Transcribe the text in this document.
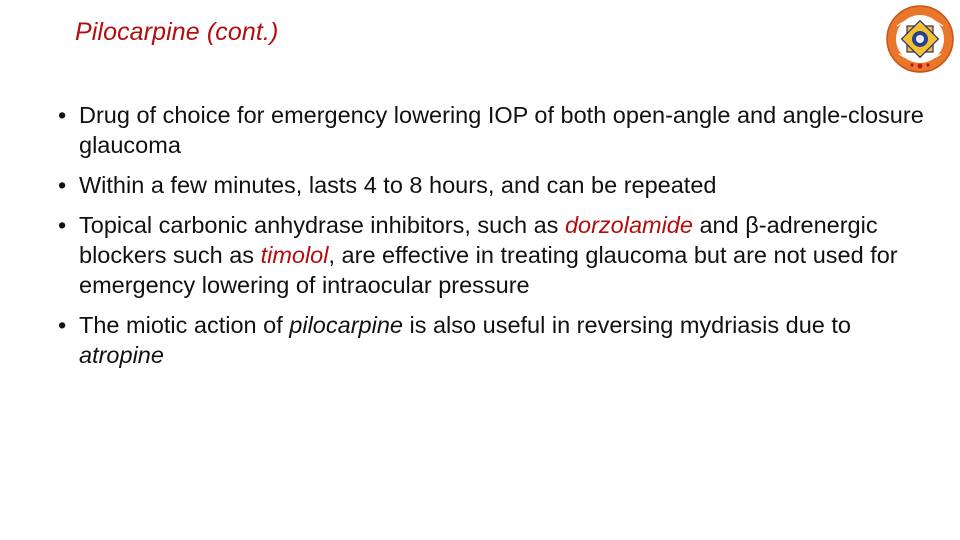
Pilocarpine (cont.)
• Drug of choice for emergency lowering IOP of both open-angle and angle-closure glaucoma
• Within a few minutes, lasts 4 to 8 hours, and can be repeated
• Topical carbonic anhydrase inhibitors, such as dorzolamide and β-adrenergic blockers such as timolol, are effective in treating glaucoma but are not used for emergency lowering of intraocular pressure
• The miotic action of pilocarpine is also useful in reversing mydriasis due to atropine
